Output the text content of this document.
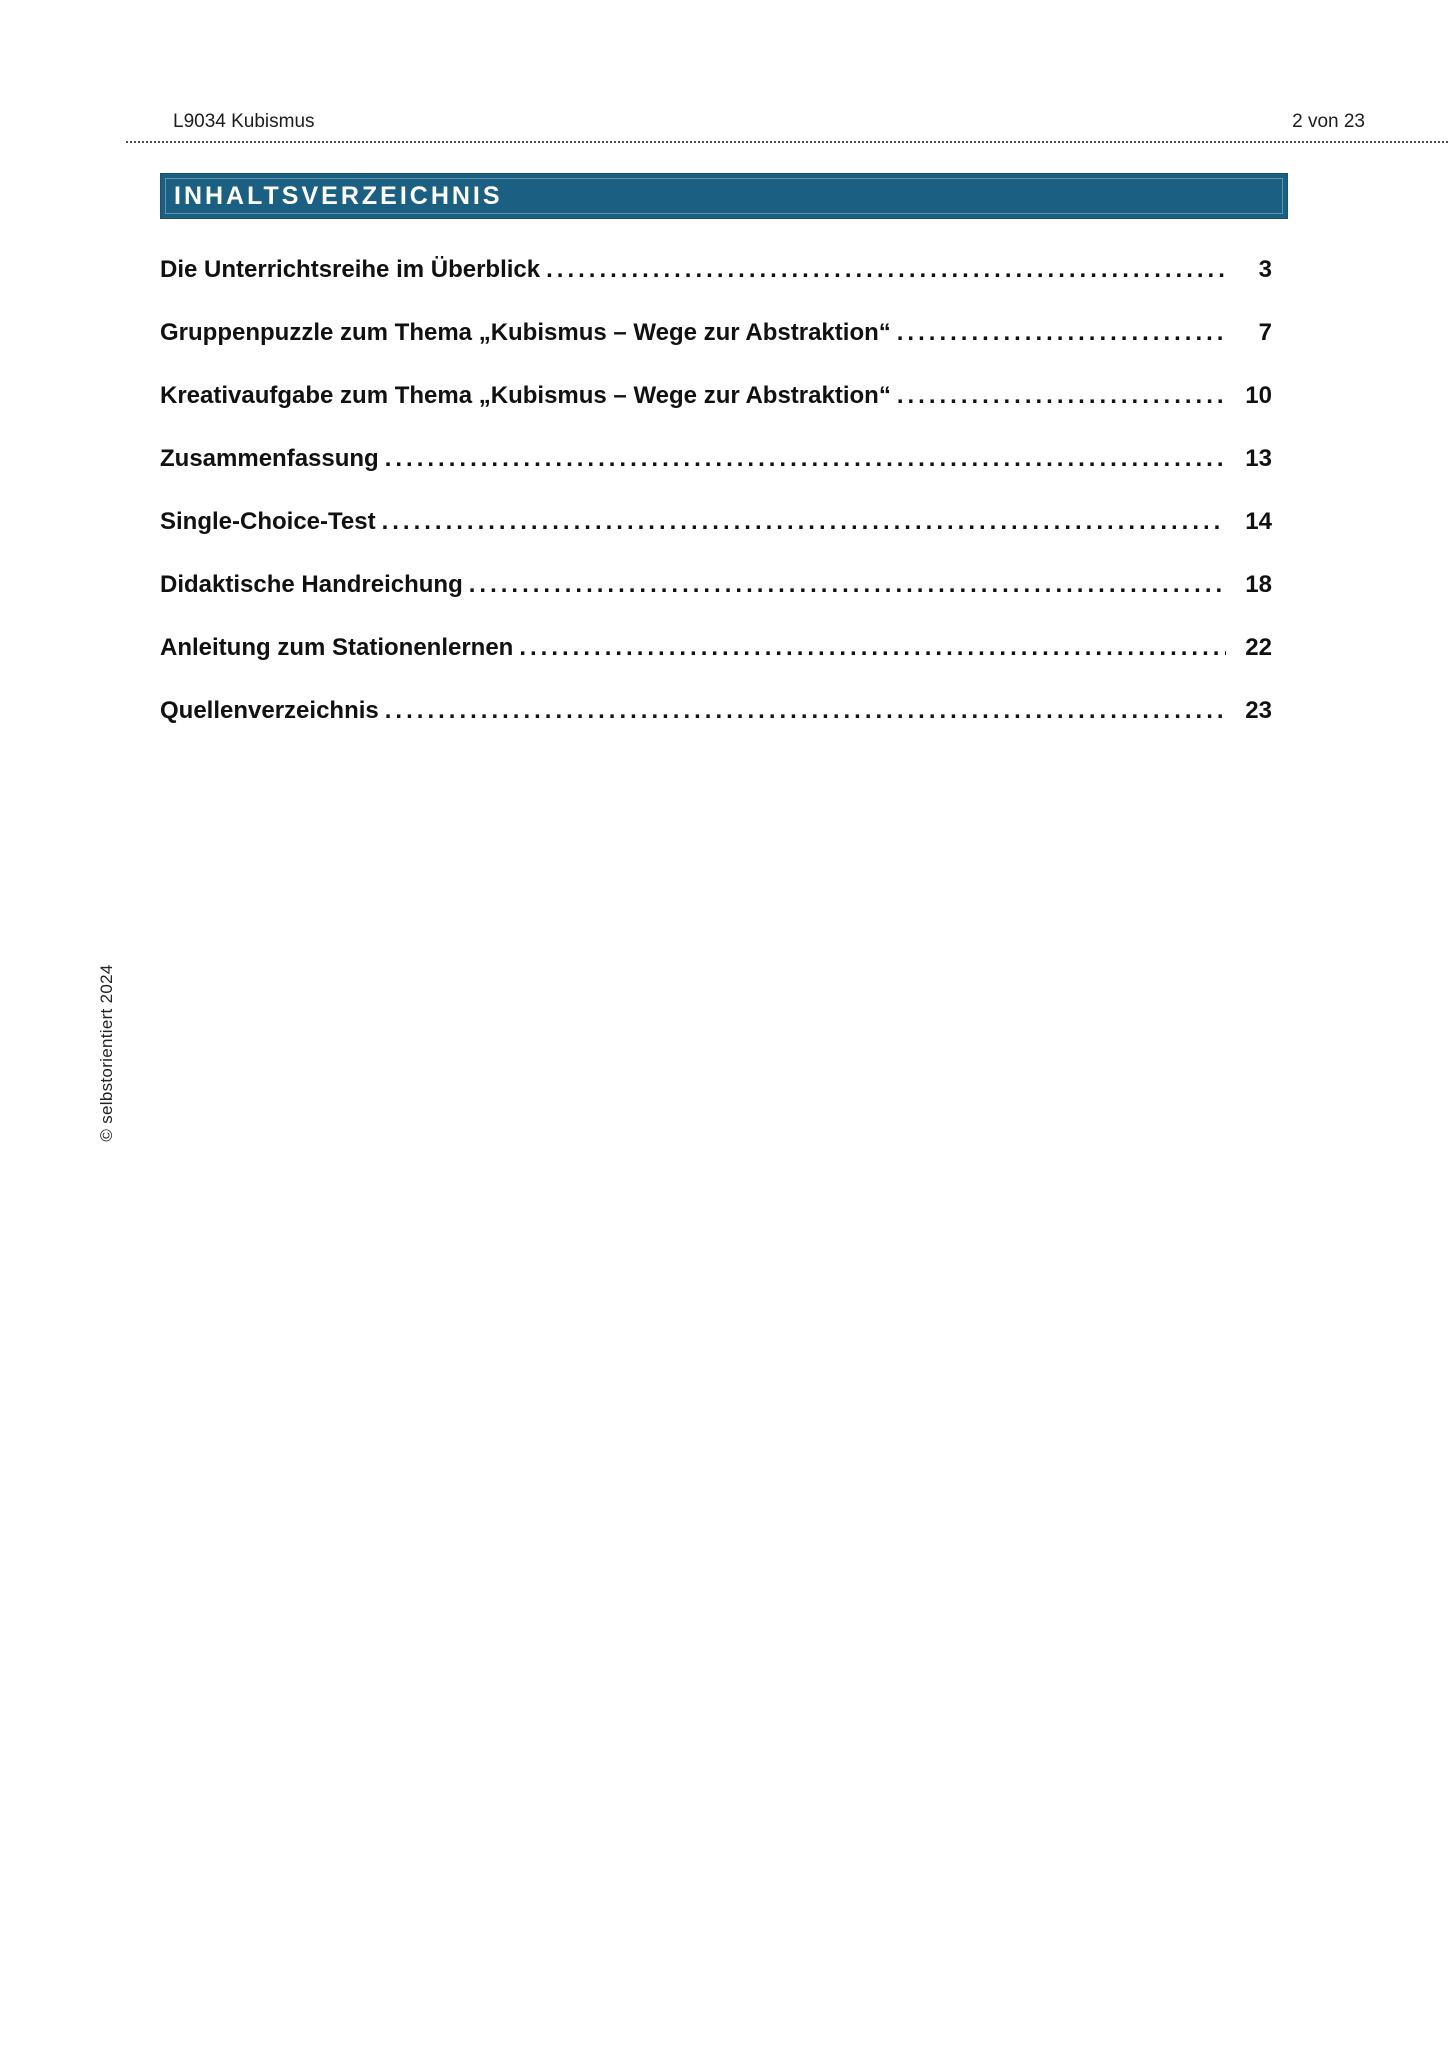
L9034 Kubismus	2 von 23
INHALTSVERZEICHNIS
Die Unterrichtsreihe im Überblick .....	3
Gruppenpuzzle zum Thema „Kubismus – Wege zur Abstraktion“ .....	7
Kreativaufgabe zum Thema „Kubismus – Wege zur Abstraktion“ .....	10
Zusammenfassung .....	13
Single-Choice-Test .....	14
Didaktische Handreichung .....	18
Anleitung zum Stationenlernen .....	22
Quellenverzeichnis .....	23
© selbstorientiert 2024
